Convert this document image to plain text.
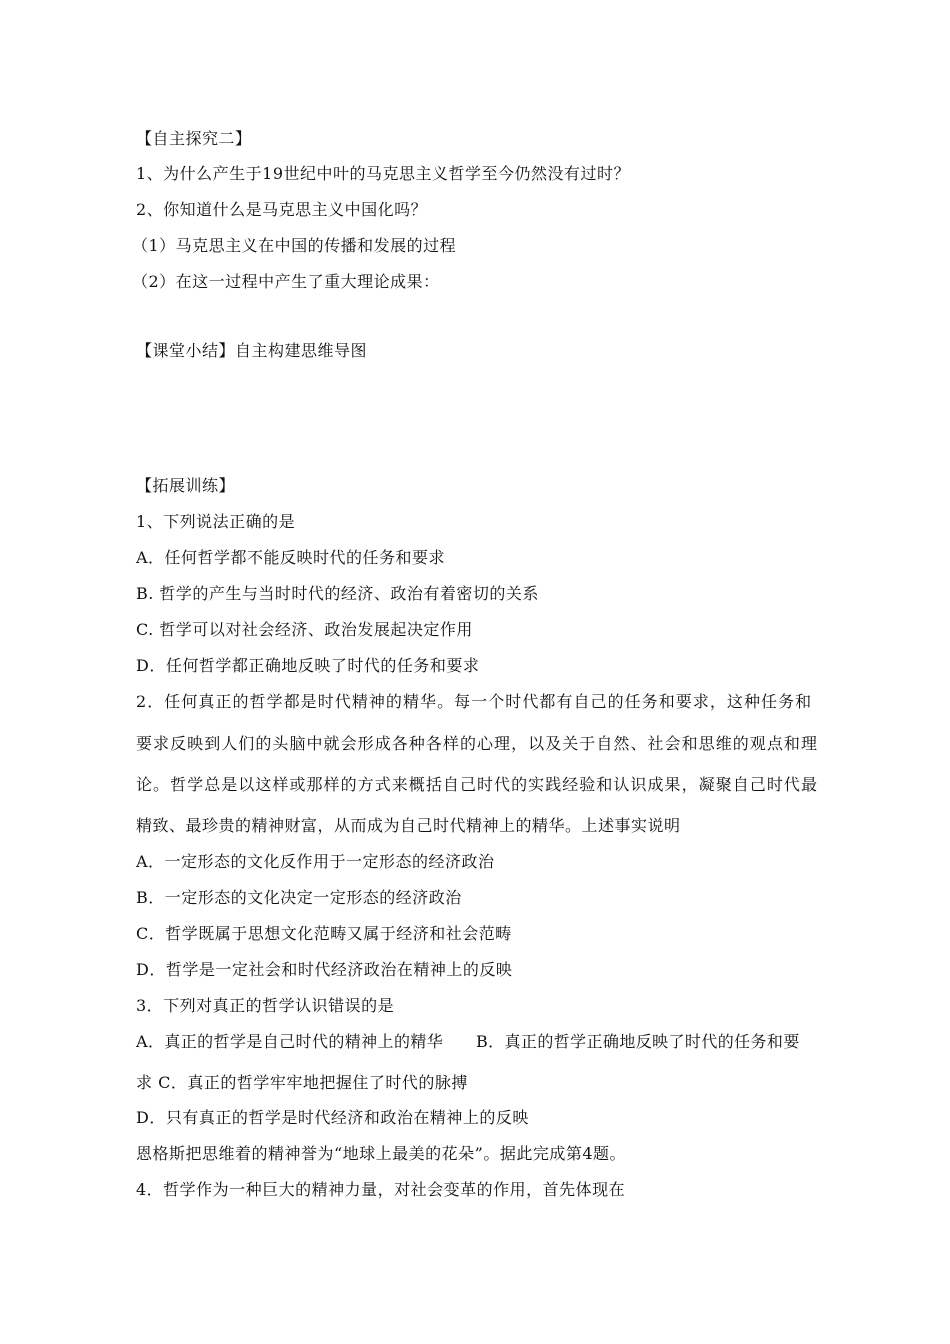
【自主探究二】
1、为什么产生于19世纪中叶的马克思主义哲学至今仍然没有过时？
2、你知道什么是马克思主义中国化吗？
（1）马克思主义在中国的传播和发展的过程
（2）在这一过程中产生了重大理论成果：
【课堂小结】自主构建思维导图
【拓展训练】
1、下列说法正确的是
A．任何哲学都不能反映时代的任务和要求
B. 哲学的产生与当时时代的经济、政治有着密切的关系
C. 哲学可以对社会经济、政治发展起决定作用
D．任何哲学都正确地反映了时代的任务和要求
2．任何真正的哲学都是时代精神的精华。每一个时代都有自己的任务和要求，这种任务和
要求反映到人们的头脑中就会形成各种各样的心理，以及关于自然、社会和思维的观点和理
论。哲学总是以这样或那样的方式来概括自己时代的实践经验和认识成果，凝聚自己时代最
精致、最珍贵的精神财富，从而成为自己时代精神上的精华。上述事实说明
A．一定形态的文化反作用于一定形态的经济政治
B．一定形态的文化决定一定形态的经济政治
C．哲学既属于思想文化范畴又属于经济和社会范畴
D．哲学是一定社会和时代经济政治在精神上的反映
3．下列对真正的哲学认识错误的是
A．真正的哲学是自己时代的精神上的精华　　B．真正的哲学正确地反映了时代的任务和要
求 C．真正的哲学牢牢地把握住了时代的脉搏
D．只有真正的哲学是时代经济和政治在精神上的反映
恩格斯把思维着的精神誉为“地球上最美的花朵”。据此完成第4题。
4．哲学作为一种巨大的精神力量，对社会变革的作用，首先体现在
